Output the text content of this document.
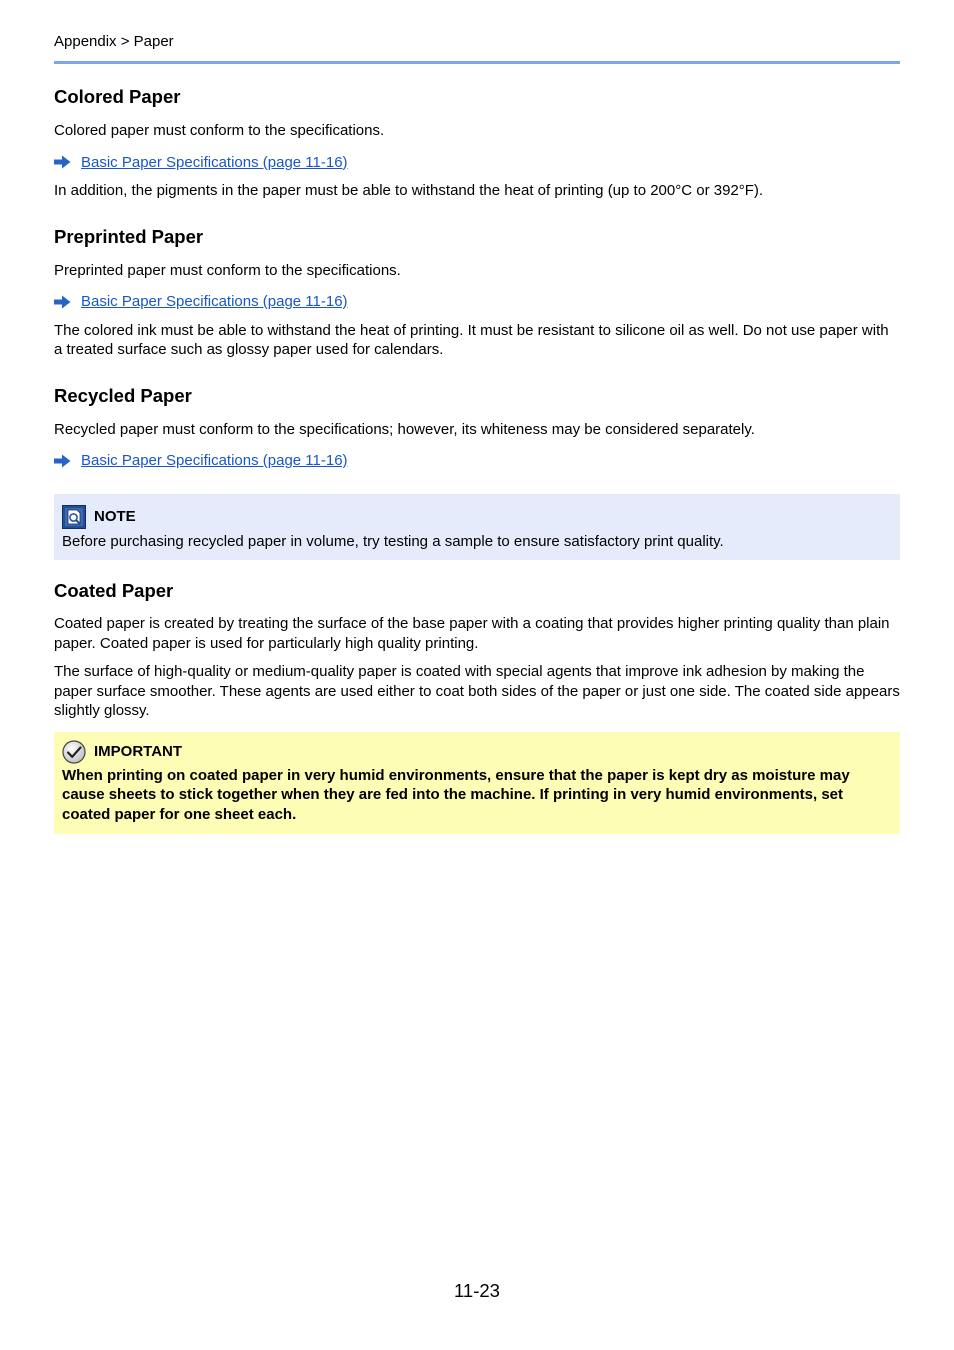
Appendix > Paper
Colored Paper

Colored paper must conform to the specifications.

Basic Paper Specifications (page 11-16)

In addition, the pigments in the paper must be able to withstand the heat of printing (up to 200°C or 392°F).

Preprinted Paper

Preprinted paper must conform to the specifications.

Basic Paper Specifications (page 11-16)

The colored ink must be able to withstand the heat of printing. It must be resistant to silicone oil as well. Do not use paper with a treated surface such as glossy paper used for calendars.

Recycled Paper

Recycled paper must conform to the specifications; however, its whiteness may be considered separately.

Basic Paper Specifications (page 11-16)
NOTE

Before purchasing recycled paper in volume, try testing a sample to ensure satisfactory print quality.

Coated Paper

Coated paper is created by treating the surface of the base paper with a coating that provides higher printing quality than plain paper. Coated paper is used for particularly high quality printing.

The surface of high-quality or medium-quality paper is coated with special agents that improve ink adhesion by making the paper surface smoother. These agents are used either to coat both sides of the paper or just one side. The coated side appears slightly glossy.

IMPORTANT

When printing on coated paper in very humid environments, ensure that the paper is kept dry as moisture may cause sheets to stick together when they are fed into the machine. If printing in very humid environments, set coated paper for one sheet each.

11-23
